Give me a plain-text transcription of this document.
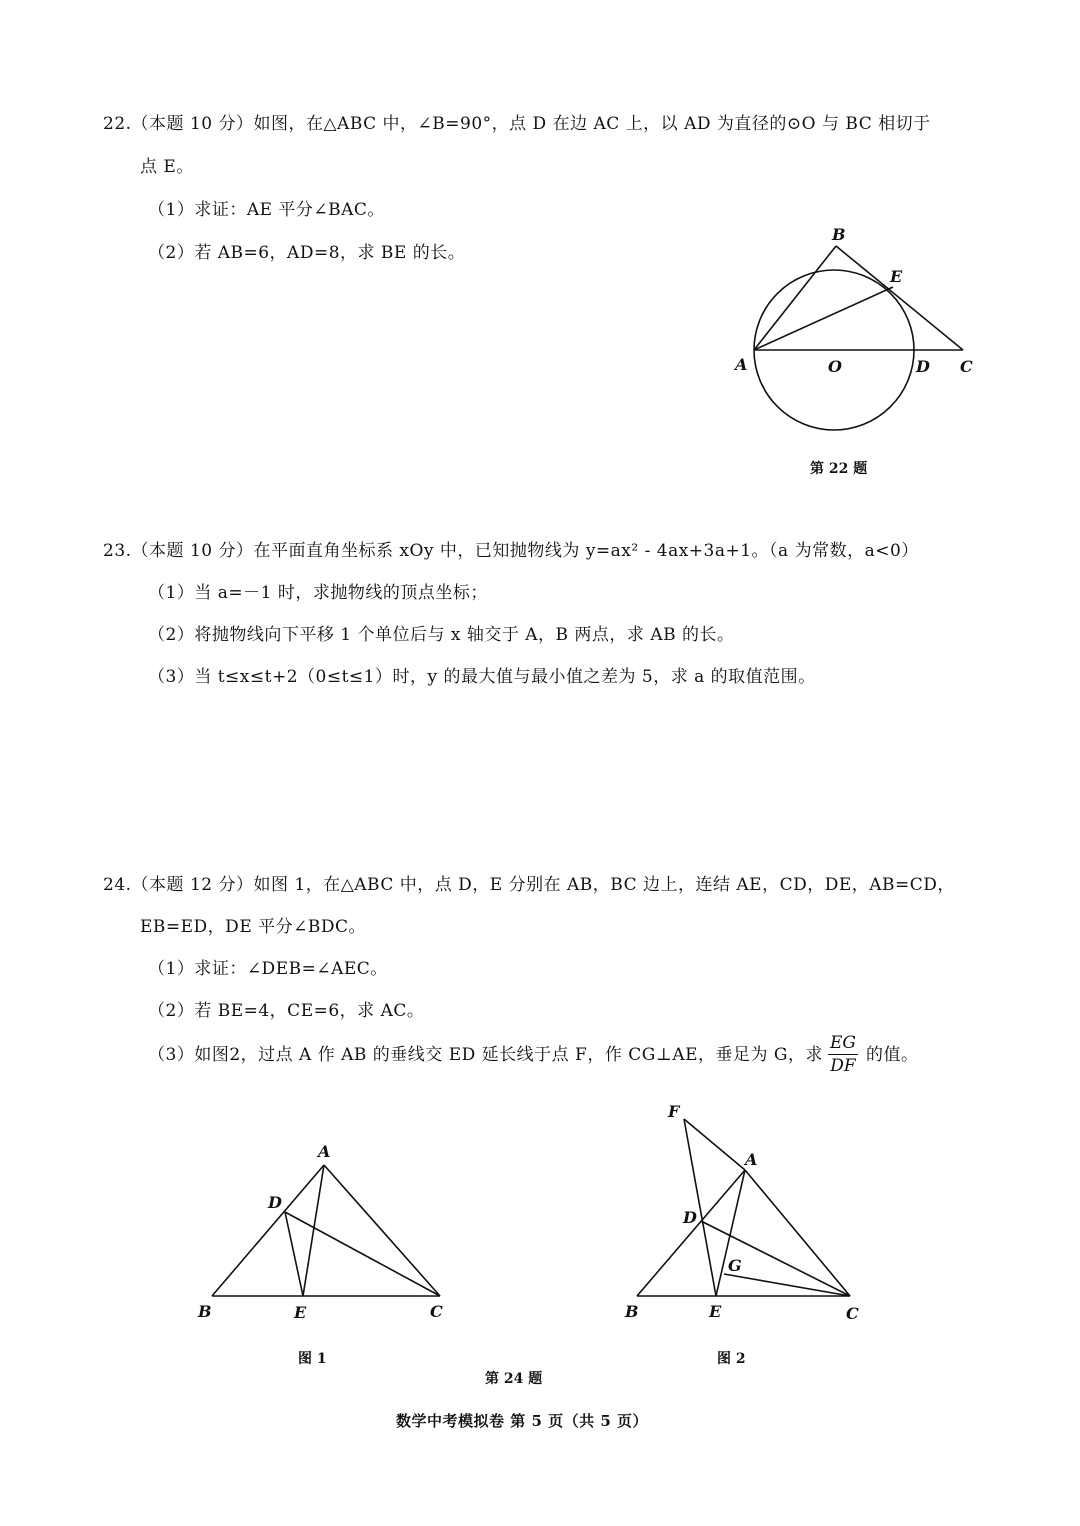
22.（本题 10 分）如图，在△ABC 中，∠B=90°，点 D 在边 AC 上，以 AD 为直径的⊙O 与 BC 相切于
点 E。
（1）求证：AE 平分∠BAC。
（2）若 AB=6，AD=8，求 BE 的长。
B
E
A	O	D C
第 22 题
23.（本题 10 分）在平面直角坐标系 xOy 中，已知抛物线为 y=ax² - 4ax+3a+1。（a 为常数，a<0）
（1）当 a=－1 时，求抛物线的顶点坐标；
（2）将抛物线向下平移 1 个单位后与 x 轴交于 A，B 两点，求 AB 的长。
（3）当 t≤x≤t+2（0≤t≤1）时，y 的最大值与最小值之差为 5，求 a 的取值范围。
24.（本题 12 分）如图 1，在△ABC 中，点 D，E 分别在 AB，BC 边上，连结 AE，CD，DE，AB=CD，
EB=ED，DE 平分∠BDC。
（1）求证：∠DEB=∠AEC。
（2）若 BE=4，CE=6，求 AC。
（3）如图2，过点 A 作 AB 的垂线交 ED 延长线于点 F，作 CG⊥AE，垂足为 G，求 $\frac{EG}{DF}$ 的值。
A
D
B	E	C
F
A
D
G
B	E	C
图 1	图 2
第 24 题
数学中考模拟卷 第 5 页（共 5 页）
